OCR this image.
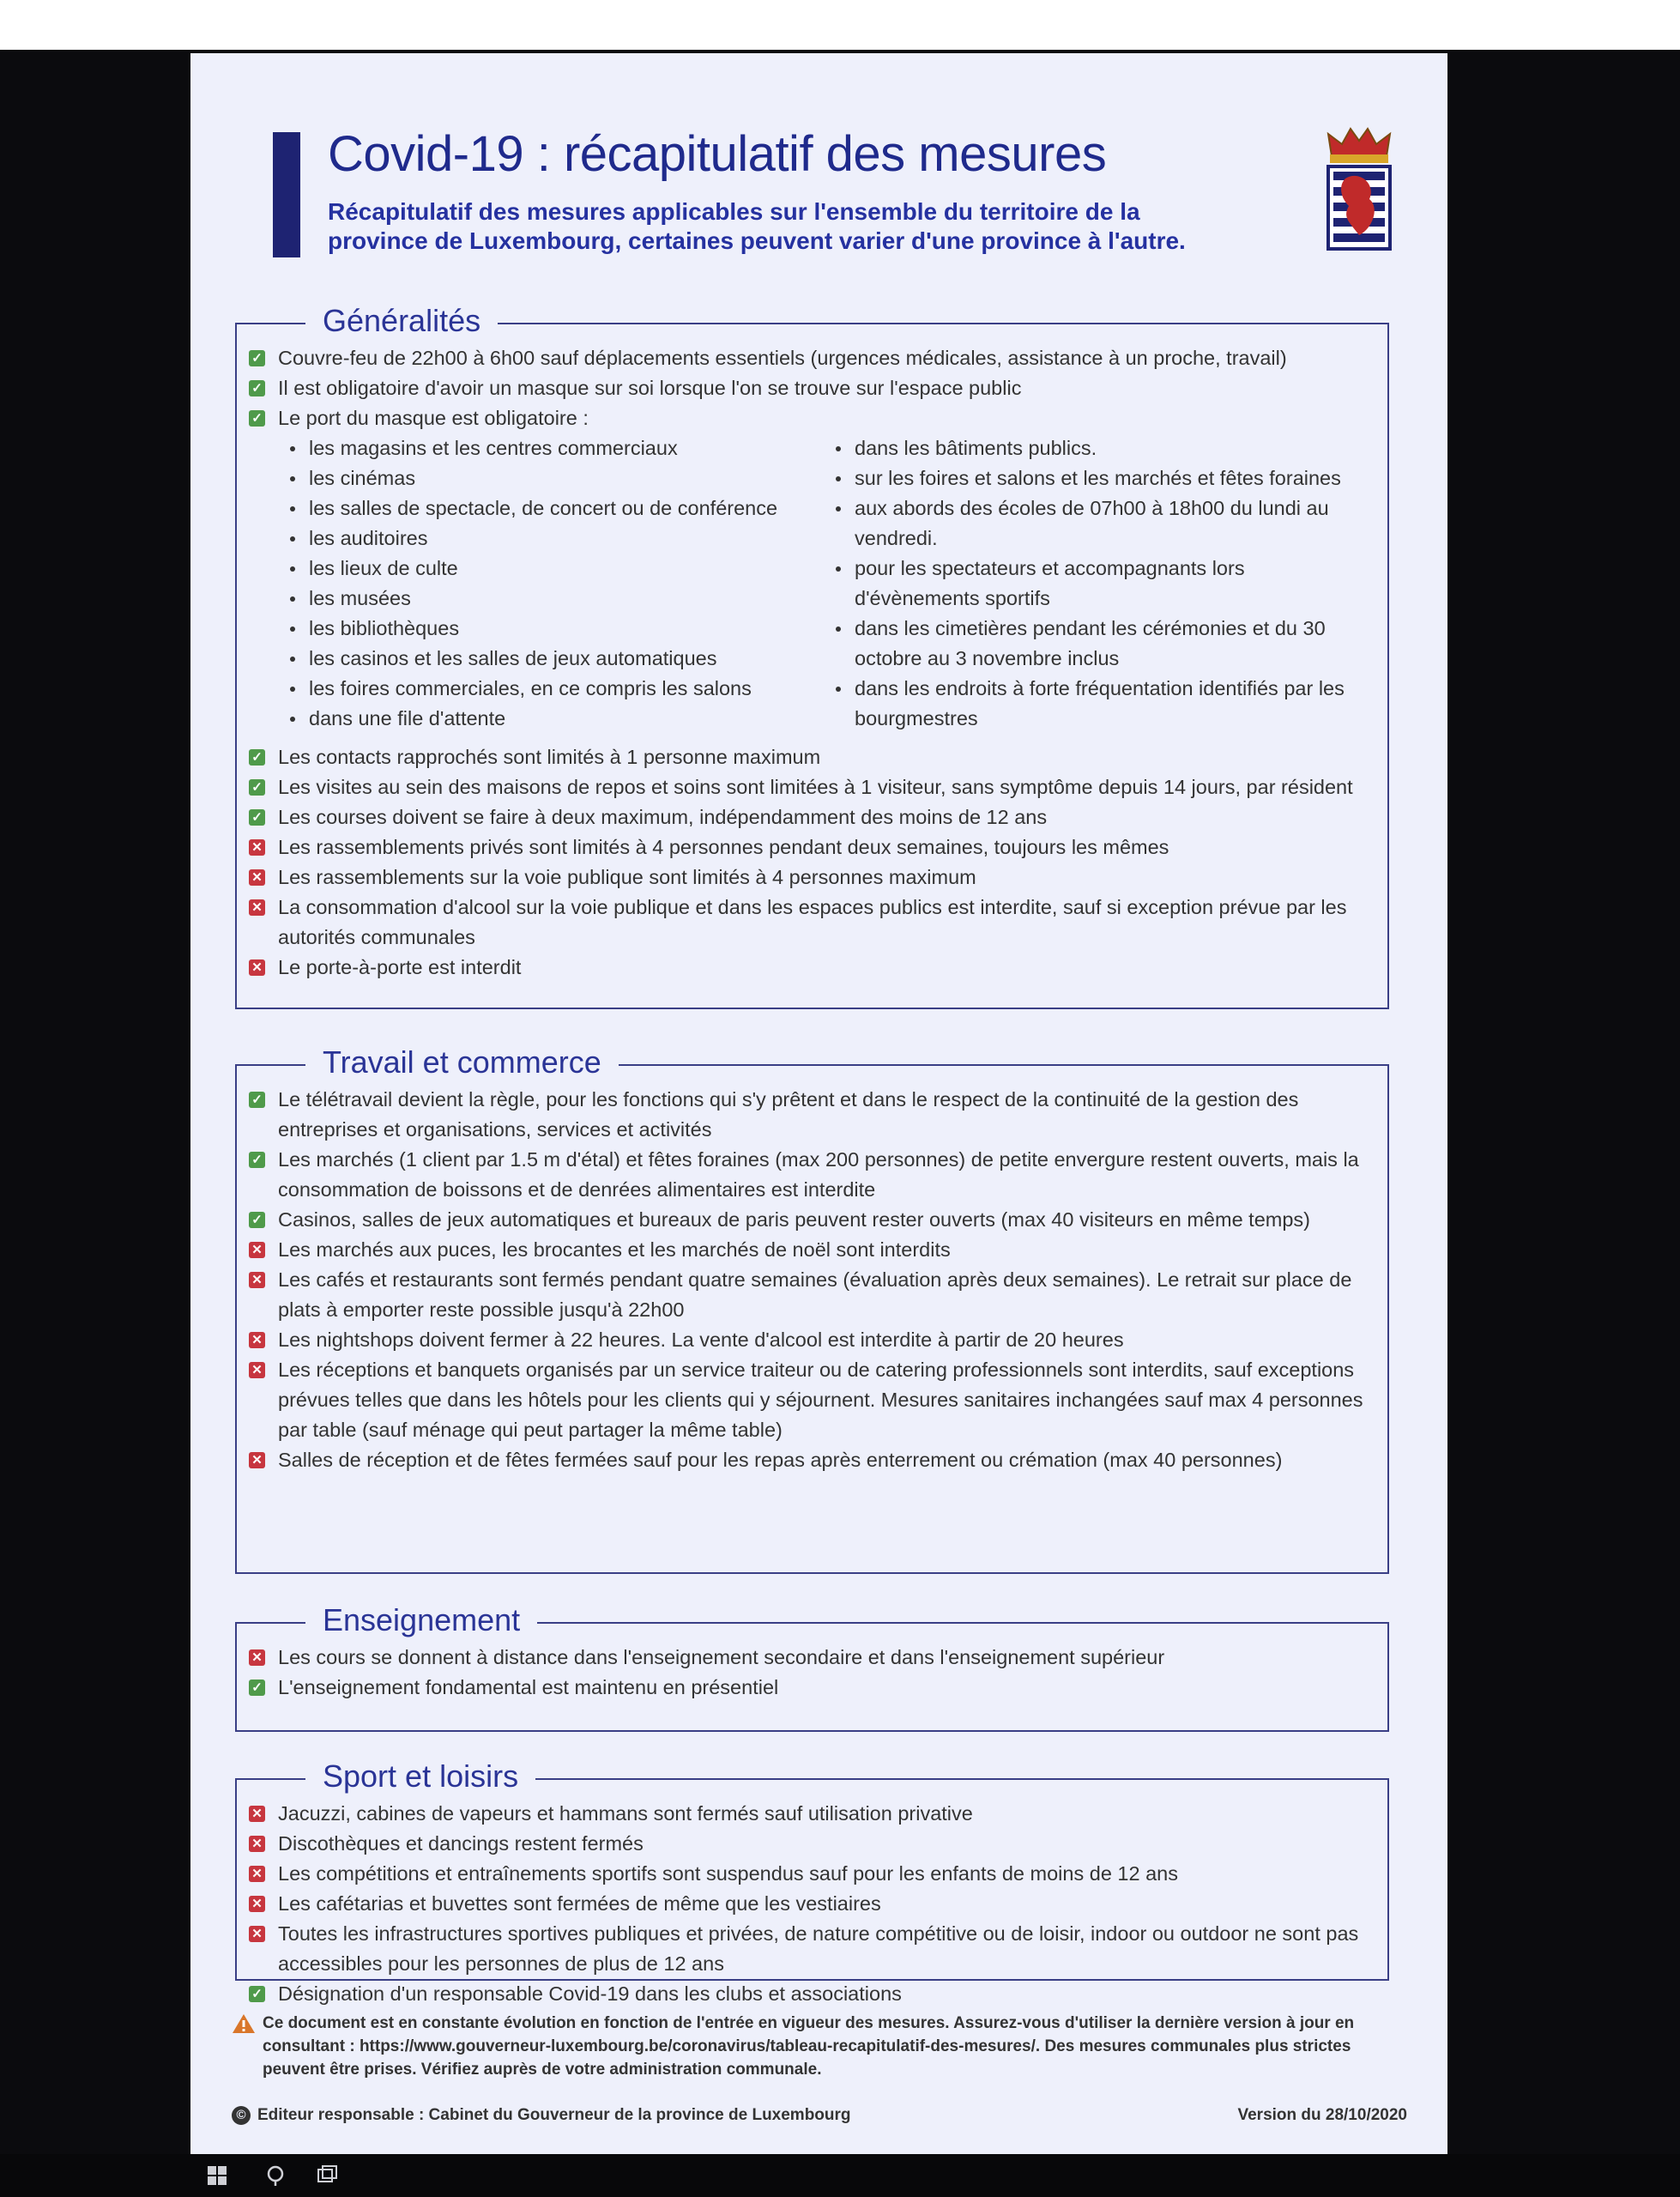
Covid-19 : récapitulatif des mesures

Récapitulatif des mesures applicables sur l'ensemble du territoire de la province de Luxembourg, certaines peuvent varier d'une province à l'autre.

Généralités
✓ Couvre-feu de 22h00 à 6h00 sauf déplacements essentiels (urgences médicales, assistance à un proche, travail)
✓ Il est obligatoire d'avoir un masque sur soi lorsque l'on se trouve sur l'espace public
✓ Le port du masque est obligatoire :
les magasins et les centres commerciaux
les cinémas
les salles de spectacle, de concert ou de conférence
les auditoires
les lieux de culte
les musées
les bibliothèques
les casinos et les salles de jeux automatiques
les foires commerciales, en ce compris les salons
dans une file d'attente
dans les bâtiments publics.
sur les foires et salons et les marchés et fêtes foraines
aux abords des écoles de 07h00 à 18h00 du lundi au vendredi.
pour les spectateurs et accompagnants lors d'évènements sportifs
dans les cimetières pendant les cérémonies et du 30 octobre au 3 novembre inclus
dans les endroits à forte fréquentation identifiés par les bourgmestres
✓ Les contacts rapprochés sont limités à 1 personne maximum
✓ Les visites au sein des maisons de repos et soins sont limitées à 1 visiteur, sans symptôme depuis 14 jours, par résident
✓ Les courses doivent se faire à deux maximum, indépendamment des moins de 12 ans
✕ Les rassemblements privés sont limités à 4 personnes pendant deux semaines, toujours les mêmes
✕ Les rassemblements sur la voie publique sont limités à 4 personnes maximum
✕ La consommation d'alcool sur la voie publique et dans les espaces publics est interdite, sauf si exception prévue par les autorités communales
✕ Le porte-à-porte est interdit
Travail et commerce
✓ Le télétravail devient la règle, pour les fonctions qui s'y prêtent et dans le respect de la continuité de la gestion des entreprises et organisations, services et activités
✓ Les marchés (1 client par 1.5 m d'étal) et fêtes foraines (max 200 personnes) de petite envergure restent ouverts, mais la consommation de boissons et de denrées alimentaires est interdite
✓ Casinos, salles de jeux automatiques et bureaux de paris peuvent rester ouverts (max 40 visiteurs en même temps)
✕ Les marchés aux puces, les brocantes et les marchés de noël sont interdits
✕ Les cafés et restaurants sont fermés pendant quatre semaines (évaluation après deux semaines). Le retrait sur place de plats à emporter reste possible jusqu'à 22h00
✕ Les nightshops doivent fermer à 22 heures. La vente d'alcool est interdite à partir de 20 heures
✕ Les réceptions et banquets organisés par un service traiteur ou de catering professionnels sont interdits, sauf exceptions prévues telles que dans les hôtels pour les clients qui y séjournent. Mesures sanitaires inchangées sauf max 4 personnes par table (sauf ménage qui peut partager la même table)
✕ Salles de réception et de fêtes fermées sauf pour les repas après enterrement ou crémation (max 40 personnes)
Enseignement
✕ Les cours se donnent à distance dans l'enseignement secondaire et dans l'enseignement supérieur
✓ L'enseignement fondamental est maintenu en présentiel
Sport et loisirs
✕ Jacuzzi, cabines de vapeurs et hammans sont fermés sauf utilisation privative
✕ Discothèques et dancings restent fermés
✕ Les compétitions et entraînements sportifs sont suspendus sauf pour les enfants de moins de 12 ans
✕ Les cafétarias et buvettes sont fermées de même que les vestiaires
✕ Toutes les infrastructures sportives publiques et privées, de nature compétitive ou de loisir, indoor ou outdoor ne sont pas accessibles pour les personnes de plus de 12 ans
✓ Désignation d'un responsable Covid-19 dans les clubs et associations
Ce document est en constante évolution en fonction de l'entrée en vigueur des mesures. Assurez-vous d'utiliser la dernière version à jour en consultant : https://www.gouverneur-luxembourg.be/coronavirus/tableau-recapitulatif-des-mesures/. Des mesures communales plus strictes peuvent être prises. Vérifiez auprès de votre administration communale.
© Editeur responsable : Cabinet du Gouverneur de la province de Luxembourg	Version du 28/10/2020
